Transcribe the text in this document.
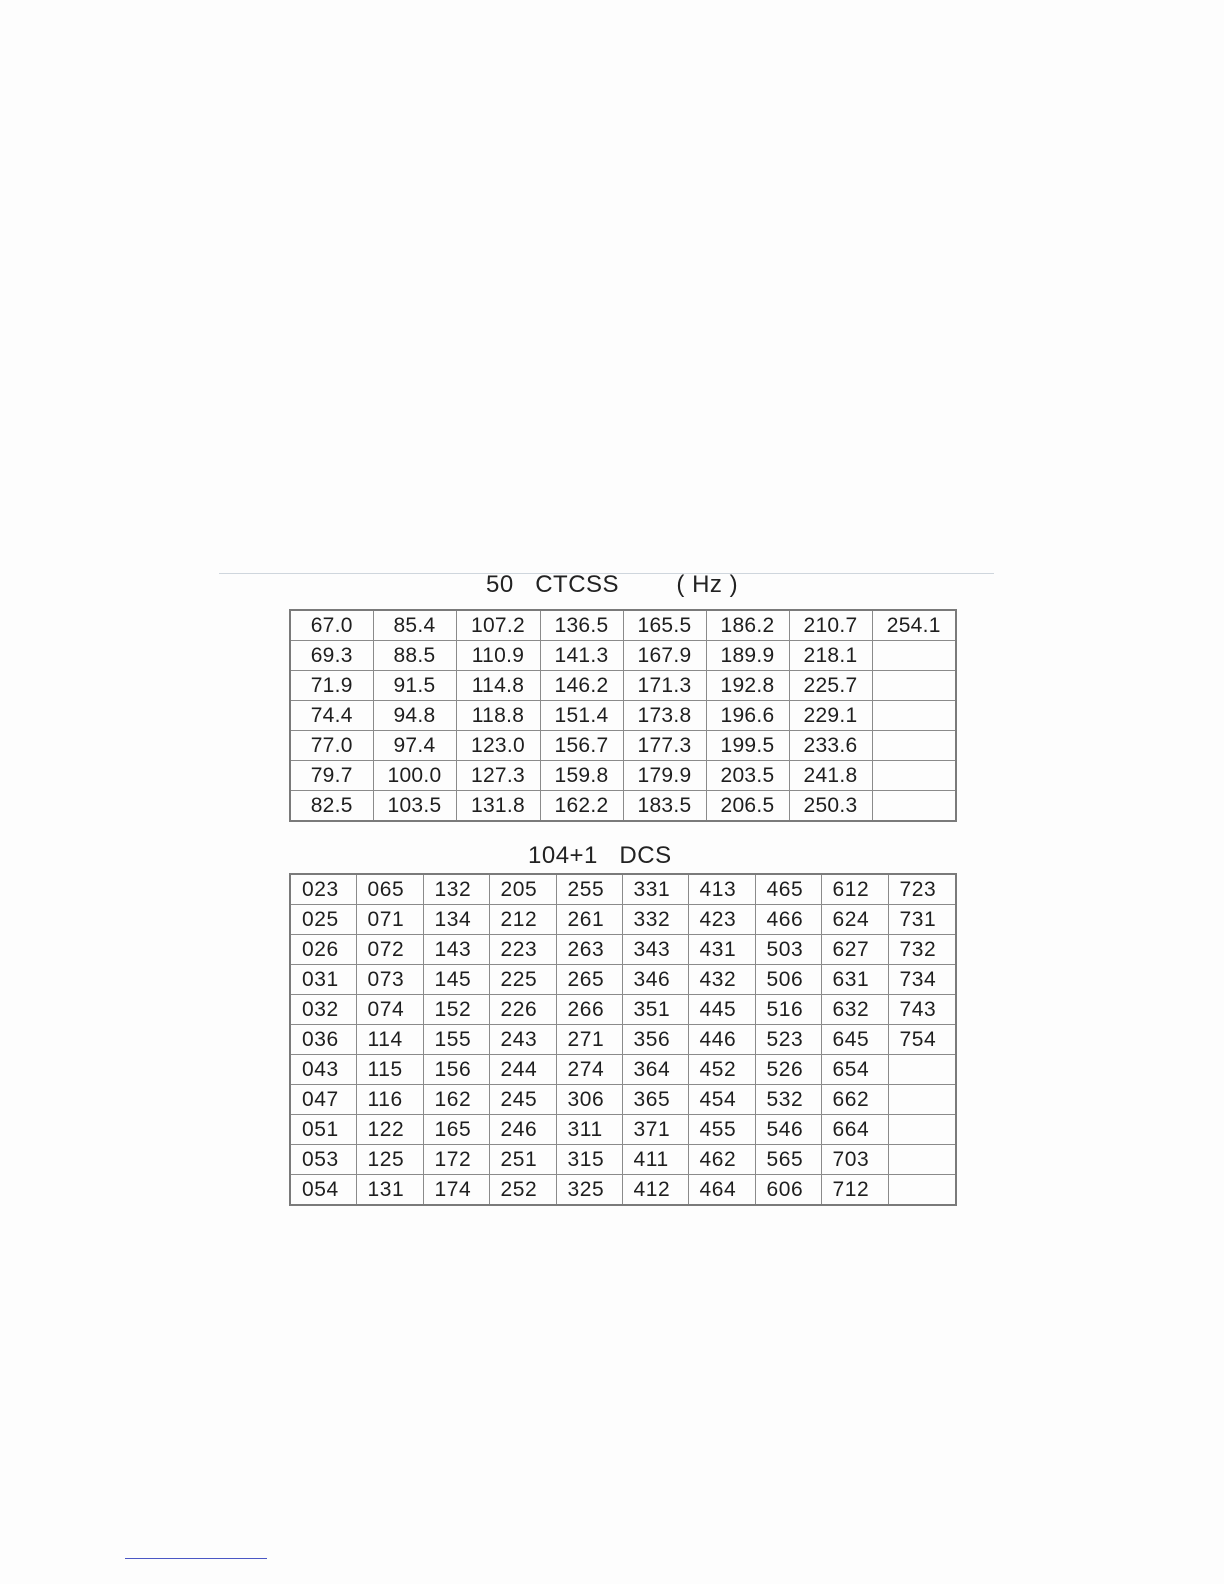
50 CTCSS ( Hz )
67.0	85.4	107.2	136.5	165.5	186.2	210.7	254.1
69.3	88.5	110.9	141.3	167.9	189.9	218.1	
71.9	91.5	114.8	146.2	171.3	192.8	225.7	
74.4	94.8	118.8	151.4	173.8	196.6	229.1	
77.0	97.4	123.0	156.7	177.3	199.5	233.6	
79.7	100.0	127.3	159.8	179.9	203.5	241.8	
82.5	103.5	131.8	162.2	183.5	206.5	250.3	
104+1 DCS
023	065	132	205	255	331	413	465	612	723
025	071	134	212	261	332	423	466	624	731
026	072	143	223	263	343	431	503	627	732
031	073	145	225	265	346	432	506	631	734
032	074	152	226	266	351	445	516	632	743
036	114	155	243	271	356	446	523	645	754
043	115	156	244	274	364	452	526	654	
047	116	162	245	306	365	454	532	662	
051	122	165	246	311	371	455	546	664	
053	125	172	251	315	411	462	565	703	
054	131	174	252	325	412	464	606	712	
